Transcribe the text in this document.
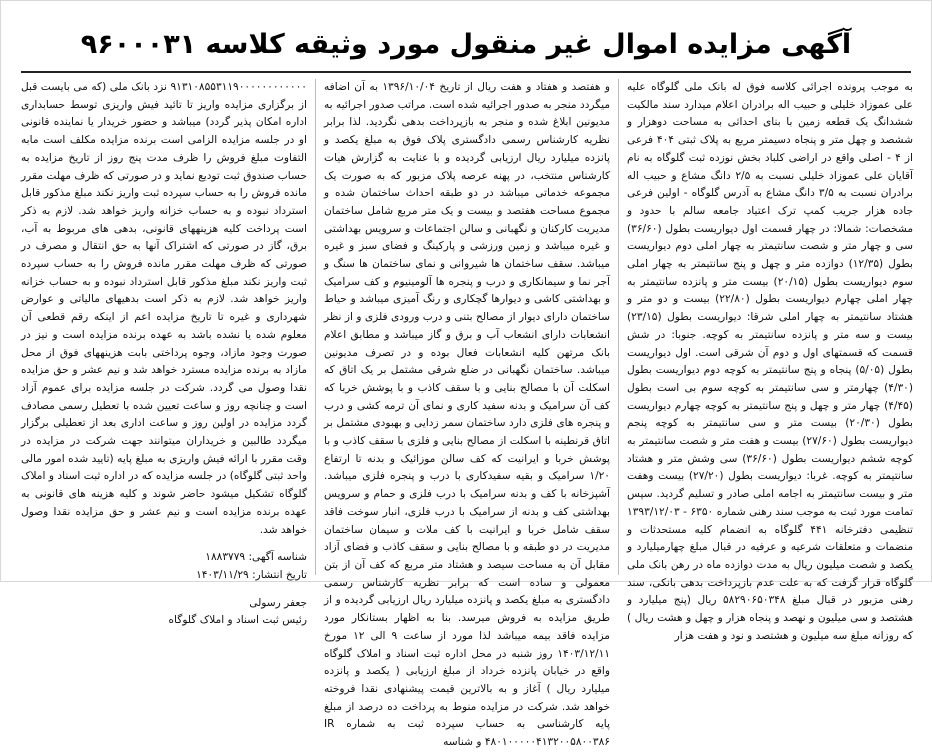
آگهی مزایده اموال غیر منقول مورد وثیقه کلاسه ۹۶۰۰۰۳۱

به موجب پرونده اجرائی کلاسه فوق له بانک ملی گلوگاه علیه علی عموزاد خلیلی و حبیب اله برادران اعلام میدارد سند مالکیت ششدانگ یک قطعه زمین با بنای احداثی به مساحت دوهزار و ششصد و چهل متر و پنجاه دسیمتر مربع به پلاک ثبتی ۴۰۴ فرعی از ۴ - اصلی واقع در اراضی کلباد بخش نوزده ثبت گلوگاه به نام آقایان علی عموزاد خلیلی نسبت به ۲/۵ دانگ مشاع و حبیب اله برادران نسبت به ۳/۵ دانگ مشاع به آدرس گلوگاه - اولین فرعی جاده هزار جریب کمپ ترک اعتیاد جامعه سالم با حدود و مشخصات: شمالا: در چهار قسمت اول دیواریست بطول (۳۶/۶۰) سی و چهار متر و شصت سانتیمتر به چهار املی دوم دیواریست بطول (۱۲/۳۵) دوازده متر و چهل و پنج سانتیمتر به چهار املی سوم دیواریست بطول (۲۰/۱۵) بیست متر و پانزده سانتیمتر به چهار املی چهارم دیواریست بطول (۲۲/۸۰) بیست و دو متر و هشتاد سانتیمتر به چهار املی شرقا: دیواریست بطول (۲۳/۱۵) بیست و سه متر و پانزده سانتیمتر به کوچه. جنوبا: در شش قسمت که قسمتهای اول و دوم آن شرقی است. اول دیواریست بطول (۵/۰۵) پنجاه و پنج سانتیمتر به کوچه دوم دیواریست بطول (۴/۳۰) چهارمتر و سی سانتیمتر به کوچه سوم بی است بطول (۴/۴۵) چهار متر و چهل و پنج سانتیمتر به کوچه چهارم دیواریست بطول (۲۰/۳۰) بیست متر و سی سانتیمتر به کوچه پنجم دیواریست بطول (۲۷/۶۰) بیست و هفت متر و شصت سانتیمتر به کوچه ششم دیواریست بطول (۳۶/۶۰) سی وشش متر و هشتاد سانتیمتر به کوچه. غربا: دیواریست بطول (۲۷/۲۰) بیست وهفت متر و بیست سانتیمتر به اجامه املی صادر و تسلیم گردید. سپس تمامت مورد ثبت به موجب سند رهنی شماره ۶۳۵۰ - ۱۳۹۳/۱۲/۰۳ تنظیمی دفترخانه ۴۴۱ گلوگاه به انضمام کلیه مستحدثات و منضمات و متعلقات شرعیه و عرفیه در قبال مبلغ چهارمیلیارد و یکصد و شصت میلیون ریال به مدت دوازده ماه در رهن بانک ملی گلوگاه قرار گرفت که به علت عدم بازپرداخت بدهی بانکی، سند رهنی مزبور در قبال مبلغ ۵۸۲۹۰۶۵۰۳۴۸ ریال (پنج میلیارد و هشتصد و سی میلیون و نهصد و پنجاه هزار و چهل و هشت ریال ) که روزانه مبلغ سه میلیون و هشتصد و نود و هفت هزار

و هفتصد و هفتاد و هفت ریال از تاریخ ۱۳۹۶/۱۰/۰۴ به آن اضافه میگردد منجر به صدور اجرائیه شده است. مراتب صدور اجرائیه به مدیونین ابلاغ شده و منجر به بازپرداخت بدهی نگردید. لذا برابر نظریه کارشناس رسمی دادگستری پلاک فوق به مبلغ یکصد و پانزده میلیارد ریال ارزیابی گردیده و با عنایت به گزارش هیات کارشناس منتخب، در پهنه عرصه پلاک مزبور که به صورت یک مجموعه خدماتی میباشد در دو طبقه احداث ساختمان شده و مجموع مساحت هفتصد و بیست و یک متر مربع شامل ساختمان مدیریت کارکنان و نگهبانی و سالن اجتماعات و سرویس بهداشتی و غیره میباشد و زمین ورزشی و پارکینگ و فضای سبز و غیره میباشد. سقف ساختمان ها شیروانی و نمای ساختمان ها سنگ و آجر نما و سیمانکاری و درب و پنجره ها آلومینیوم و کف سرامیک و بهداشتی کاشی و دیوارها گچکاری و رنگ آمیزی میباشد و حیاط ساختمان دارای دیوار از مصالح بتنی و درب ورودی فلزی و از نظر انشعابات دارای انشعاب آب و برق و گاز میباشد و مطابق اعلام بانک مرتهن کلیه انشعابات فعال بوده و در تصرف مدیونین میباشد. ساختمان نگهبانی در ضلع شرقی مشتمل بر یک اتاق که اسکلت آن با مصالح بنایی و با سقف کاذب و با پوشش خربا که کف آن سرامیک و بدنه سفید کاری و نمای آن ترمه کشی و درب و پنجره های فلزی دارد ساختمان سمر زدایی و بهبودی مشتمل بر اتاق قرنطینه با اسکلت از مصالح بنایی و فلزی با سقف کاذب و با پوشش خربا و ایرانیت که کف سالن موزائیک و بدنه تا ارتفاع ۱/۲۰ سرامیک و بقیه سفیدکاری با درب و پنجره فلزی میباشد. آشپزخانه با کف و بدنه سرامیک با درب فلزی و حمام و سرویس بهداشتی کف و بدنه از سرامیک با درب فلزی، انبار سوخت فاقد سقف شامل خربا و ایرانیت با کف ملات و سیمان ساختمان مدیریت در دو طبقه و با مصالح بنایی و سقف کاذب و فضای آزاد مقابل آن به مساحت سیصد و هشتاد متر مربع که کف آن از بتن معمولی و ساده است که برابر نظریه کارشناس رسمی دادگستری به مبلغ یکصد و پانزده میلیارد ریال ارزیابی گردیده و از طریق مزایده به فروش میرسد. بنا به اظهار بستانکار مورد مزایده فاقد بیمه میباشد لذا مورد از ساعت ۹ الی ۱۲ مورخ ۱۴۰۳/۱۲/۱۱ روز شنبه در محل اداره ثبت اسناد و املاک گلوگاه واقع در خیابان پانزده خرداد از مبلغ ارزیابی ( یکصد و پانزده میلیارد ریال ) آغاز و به بالاترین قیمت پیشنهادی نقدا فروخته خواهد شد. شرکت در مزایده منوط به پرداخت ده درصد از مبلغ پایه کارشناسی به حساب سپرده ثبت به شماره IR ۴۸۰۱۰۰۰۰۰۴۱۳۲۰۰۵۸۰۰۳۸۶ و شناسه

۹۱۳۱۰۸۵۵۳۱۱۹۰۰۰۰۰۰۰۰۰۰۰۰ نزد بانک ملی (که می بایست قبل از برگزاری مزایده واریز تا تائید فیش واریزی توسط حسابداری اداره امکان پذیر گردد) میباشد و حضور خریدار یا نماینده قانونی او در جلسه مزایده الزامی است برنده مزایده مکلف است مابه التفاوت مبلغ فروش را ظرف مدت پنج روز از تاریخ مزایده به حساب صندوق ثبت تودیع نماید و در صورتی که ظرف مهلت مقرر مانده فروش را به حساب سپرده ثبت واریز نکند مبلغ مذکور قابل استرداد نبوده و به حساب خزانه واریز خواهد شد. لازم به ذکر است پرداخت کلیه هزینههای قانونی، بدهی های مربوط به آب، برق، گاز در صورتی که اشتراک آنها به حق انتقال و مصرف در صورتی که ظرف مهلت مقرر مانده فروش را به حساب سپرده ثبت واریز نکند مبلغ مذکور قابل استرداد نبوده و به حساب خزانه واریز خواهد شد. لازم به ذکر است بدهیهای مالیاتی و عوارض شهرداری و غیره تا تاریخ مزایده اعم از اینکه رقم قطعی آن معلوم شده یا نشده باشد به عهده برنده مزایده است و نیز در صورت وجود مازاد، وجوه پرداختی بابت هزینههای فوق از محل مازاد به برنده مزایده مسترد خواهد شد و نیم عشر و حق مزایده نقدا وصول می گردد. شرکت در جلسه مزایده برای عموم آزاد است و چنانچه روز و ساعت تعیین شده با تعطیل رسمی مصادف گردد مزایده در اولین روز و ساعت اداری بعد از تعطیلی برگزار میگردد طالبین و خریداران میتوانند جهت شرکت در مزایده در وقت مقرر با ارائه فیش واریزی به مبلغ پایه (تایید شده امور مالی واحد ثبتی گلوگاه) در جلسه مزایده که در اداره ثبت اسناد و املاک گلوگاه تشکیل میشود حاضر شوند و کلیه هزینه های قانونی به عهده برنده مزایده است و نیم عشر و حق مزایده نقدا وصول خواهد شد.

شناسه آگهی: ۱۸۸۳۷۷۹
تاریخ انتشار: ۱۴۰۳/۱۱/۲۹
جعفر رسولی
رئیس ثبت اسناد و املاک گلوگاه
